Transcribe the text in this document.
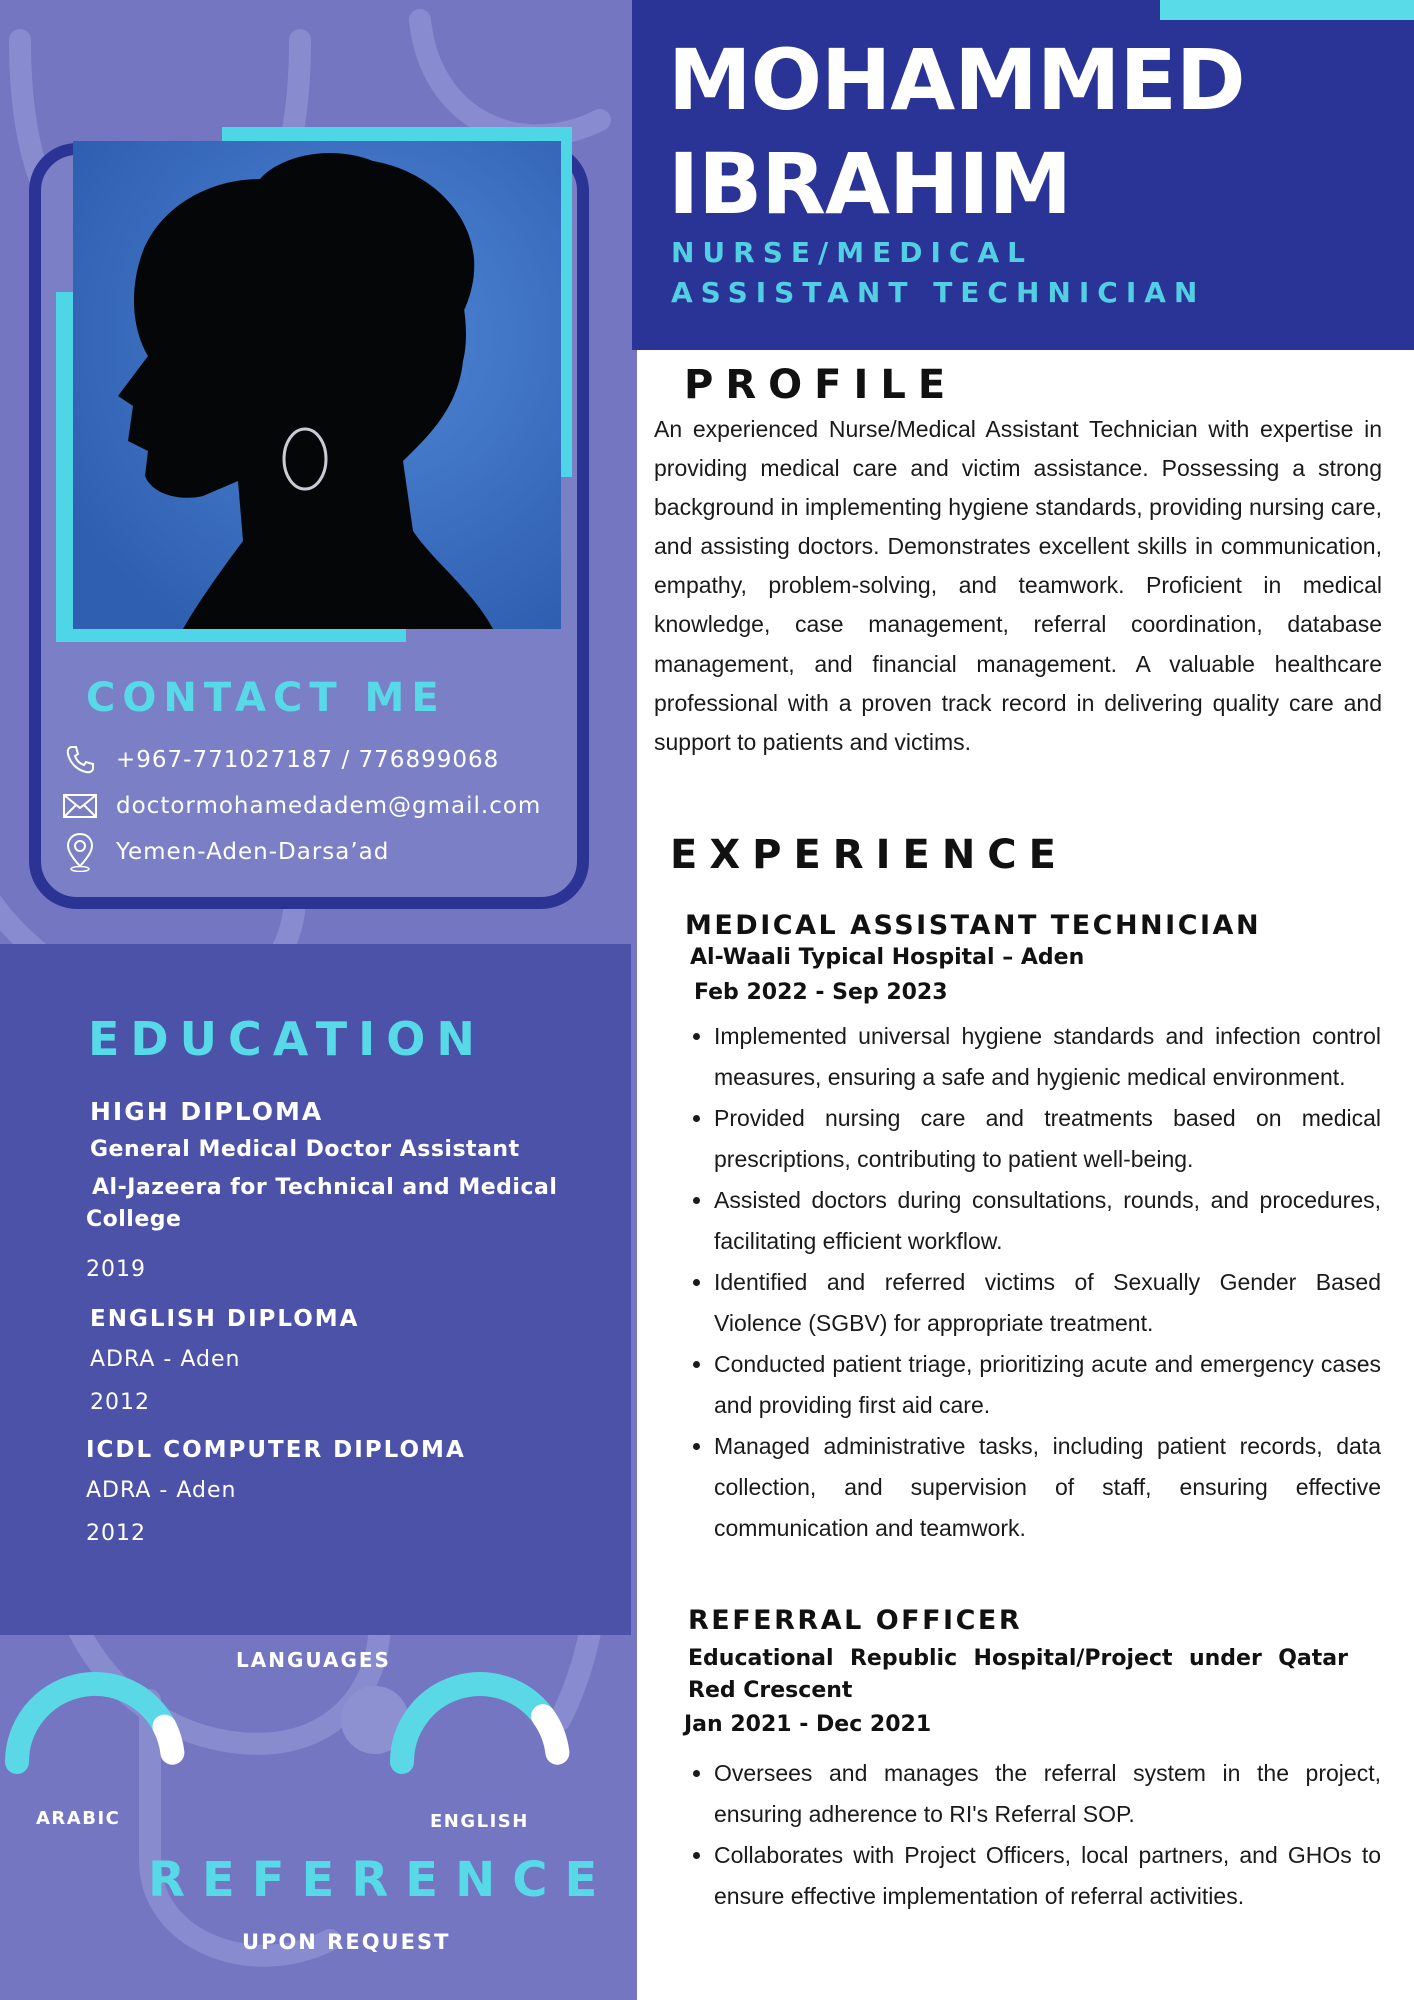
CONTACT ME
+967-771027187 / 776899068
doctormohamedadem@gmail.com
Yemen-Aden-Darsa’ad
EDUCATION
HIGH DIPLOMA
General Medical Doctor Assistant
Al-Jazeera for Technical and Medical College
2019
ENGLISH DIPLOMA
ADRA - Aden
2012
ICDL COMPUTER DIPLOMA
ADRA - Aden
2012
LANGUAGES
ARABIC	ENGLISH
REFERENCE
UPON REQUEST
MOHAMMED
IBRAHIM
NURSE/MEDICAL
ASSISTANT TECHNICIAN
PROFILE

An experienced Nurse/Medical Assistant Technician with expertise in providing medical care and victim assistance. Possessing a strong background in implementing hygiene standards, providing nursing care, and assisting doctors. Demonstrates excellent skills in communication, empathy, problem-solving, and teamwork. Proficient in medical knowledge, case management, referral coordination, database management, and financial management. A valuable healthcare professional with a proven track record in delivering quality care and support to patients and victims.

EXPERIENCE
MEDICAL ASSISTANT TECHNICIAN
Al-Waali Typical Hospital – Aden
Feb 2022 - Sep 2023
• Implemented universal hygiene standards and infection control measures, ensuring a safe and hygienic medical environment.
• Provided nursing care and treatments based on medical prescriptions, contributing to patient well-being.
• Assisted doctors during consultations, rounds, and procedures, facilitating efficient workflow.
• Identified and referred victims of Sexually Gender Based Violence (SGBV) for appropriate treatment.
• Conducted patient triage, prioritizing acute and emergency cases and providing first aid care.
• Managed administrative tasks, including patient records, data collection, and supervision of staff, ensuring effective communication and teamwork.
REFERRAL OFFICER
Educational Republic Hospital/Project under Qatar Red Crescent
Jan 2021 - Dec 2021
• Oversees and manages the referral system in the project, ensuring adherence to RI's Referral SOP.
• Collaborates with Project Officers, local partners, and GHOs to ensure effective implementation of referral activities.
